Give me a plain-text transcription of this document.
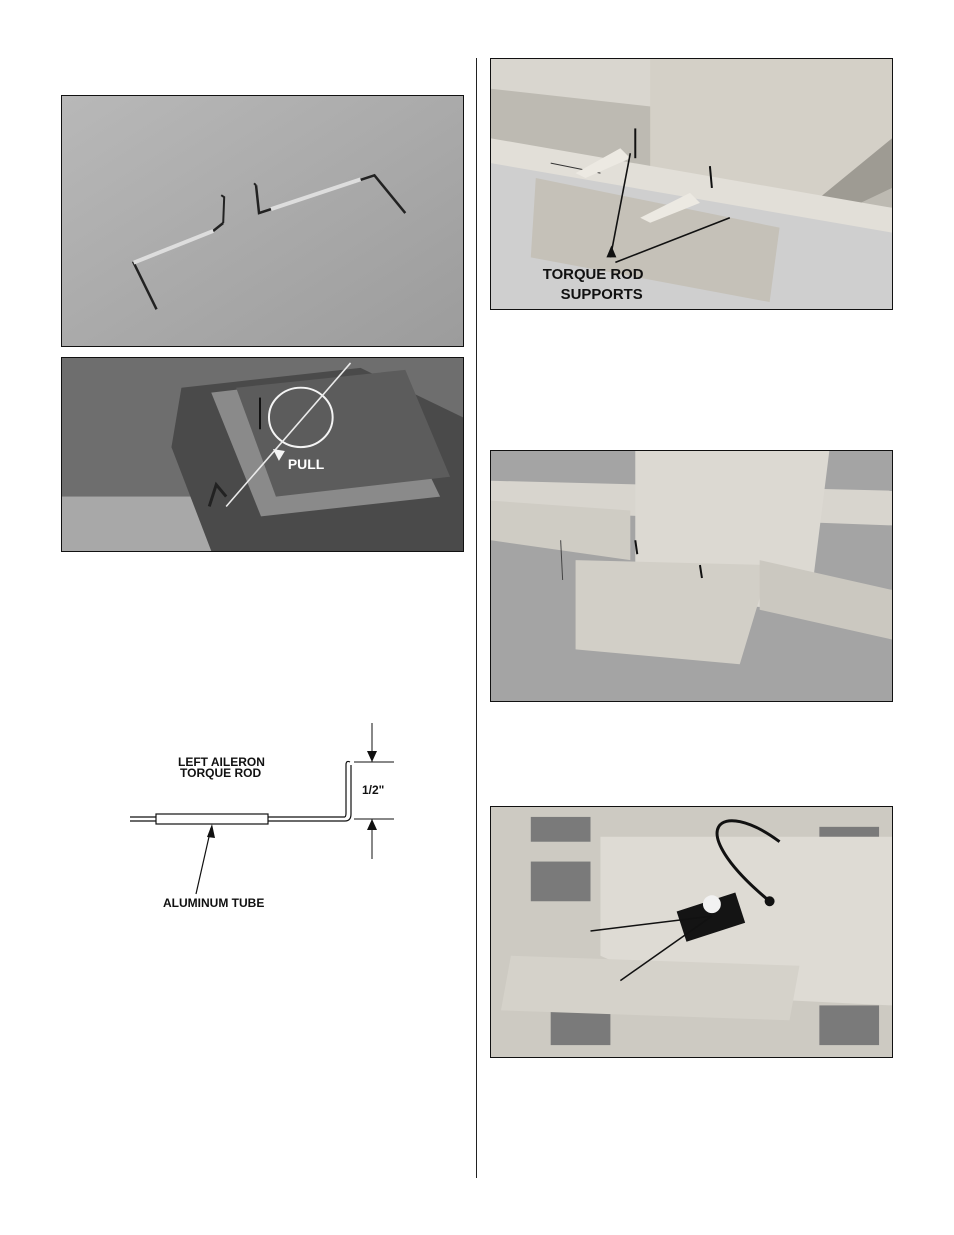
PULL
TORQUE ROD
SUPPORTS
1/2"
LEFT AILERON
TORQUE ROD
ALUMINUM TUBE
